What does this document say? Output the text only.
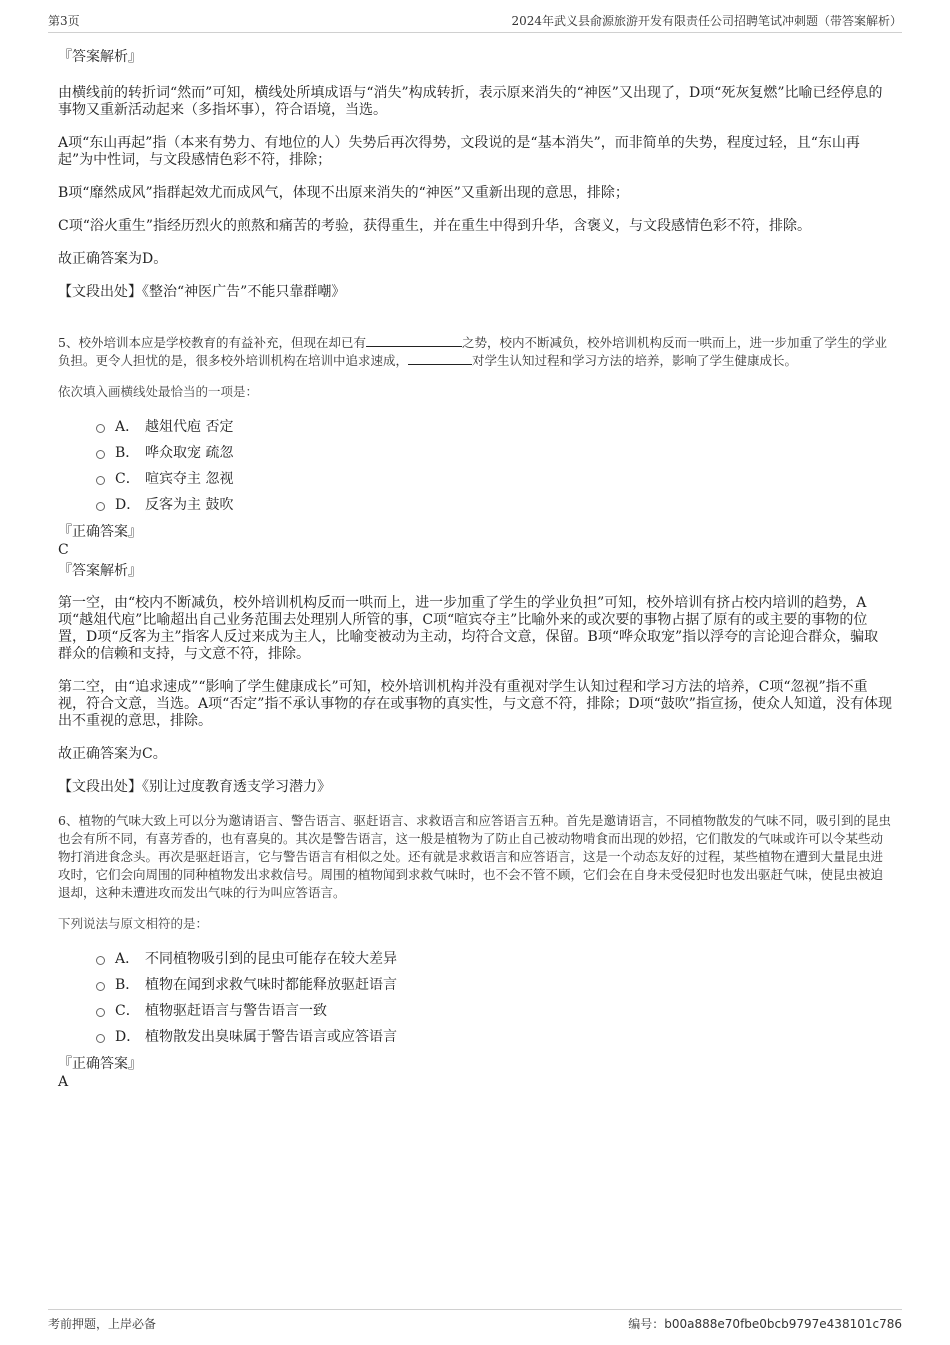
第3页	2024年武义县俞源旅游开发有限责任公司招聘笔试冲刺题（带答案解析）

『答案解析』

由横线前的转折词“然而”可知，横线处所填成语与“消失”构成转折，表示原来消失的“神医”又出现了，D项“死灰复燃”比喻已经停息的事物又重新活动起来（多指坏事），符合语境，当选。

A项“东山再起”指（本来有势力、有地位的人）失势后再次得势，文段说的是“基本消失”，而非简单的失势，程度过轻，且“东山再起”为中性词，与文段感情色彩不符，排除；

B项“靡然成风”指群起效尤而成风气，体现不出原来消失的“神医”又重新出现的意思，排除；

C项“浴火重生”指经历烈火的煎熬和痛苦的考验，获得重生，并在重生中得到升华，含褒义，与文段感情色彩不符，排除。

故正确答案为D。

【文段出处】《整治“神医广告”不能只靠群嘲》

5、校外培训本应是学校教育的有益补充，但现在却已有	之势，校内不断减负，校外培训机构反而一哄而上，进一步加重了学生的学业负担。更令人担忧的是，很多校外培训机构在培训中追求速成，	对学生认知过程和学习方法的培养，影响了学生健康成长。

依次填入画横线处最恰当的一项是：

A． 越俎代庖 否定
B． 哗众取宠 疏忽
C． 喧宾夺主 忽视
D． 反客为主 鼓吹

『正确答案』

C

『答案解析』

第一空，由“校内不断减负，校外培训机构反而一哄而上，进一步加重了学生的学业负担”可知，校外培训有挤占校内培训的趋势，A项“越俎代庖”比喻超出自己业务范围去处理别人所管的事，C项“喧宾夺主”比喻外来的或次要的事物占据了原有的或主要的事物的位置，D项“反客为主”指客人反过来成为主人，比喻变被动为主动，均符合文意，保留。B项“哗众取宠”指以浮夸的言论迎合群众，骗取群众的信赖和支持，与文意不符，排除。

第二空，由“追求速成”“影响了学生健康成长”可知，校外培训机构并没有重视对学生认知过程和学习方法的培养，C项“忽视”指不重视，符合文意，当选。A项“否定”指不承认事物的存在或事物的真实性，与文意不符，排除；D项“鼓吹”指宣扬，使众人知道，没有体现出不重视的意思，排除。

故正确答案为C。

【文段出处】《别让过度教育透支学习潜力》

6、植物的气味大致上可以分为邀请语言、警告语言、驱赶语言、求救语言和应答语言五种。首先是邀请语言，不同植物散发的气味不同，吸引到的昆虫也会有所不同，有喜芳香的，也有喜臭的。其次是警告语言，这一般是植物为了防止自己被动物啃食而出现的妙招，它们散发的气味或许可以令某些动物打消进食念头。再次是驱赶语言，它与警告语言有相似之处。还有就是求救语言和应答语言，这是一个动态友好的过程，某些植物在遭到大量昆虫进攻时，它们会向周围的同种植物发出求救信号。周围的植物闻到求救气味时，也不会不管不顾，它们会在自身未受侵犯时也发出驱赶气味，使昆虫被迫退却，这种未遭进攻而发出气味的行为叫应答语言。

下列说法与原文相符的是：

A． 不同植物吸引到的昆虫可能存在较大差异
B． 植物在闻到求救气味时都能释放驱赶语言
C． 植物驱赶语言与警告语言一致
D． 植物散发出臭味属于警告语言或应答语言

『正确答案』

A

考前押题，上岸必备	编号：b00a888e70fbe0bcb9797e438101c786
